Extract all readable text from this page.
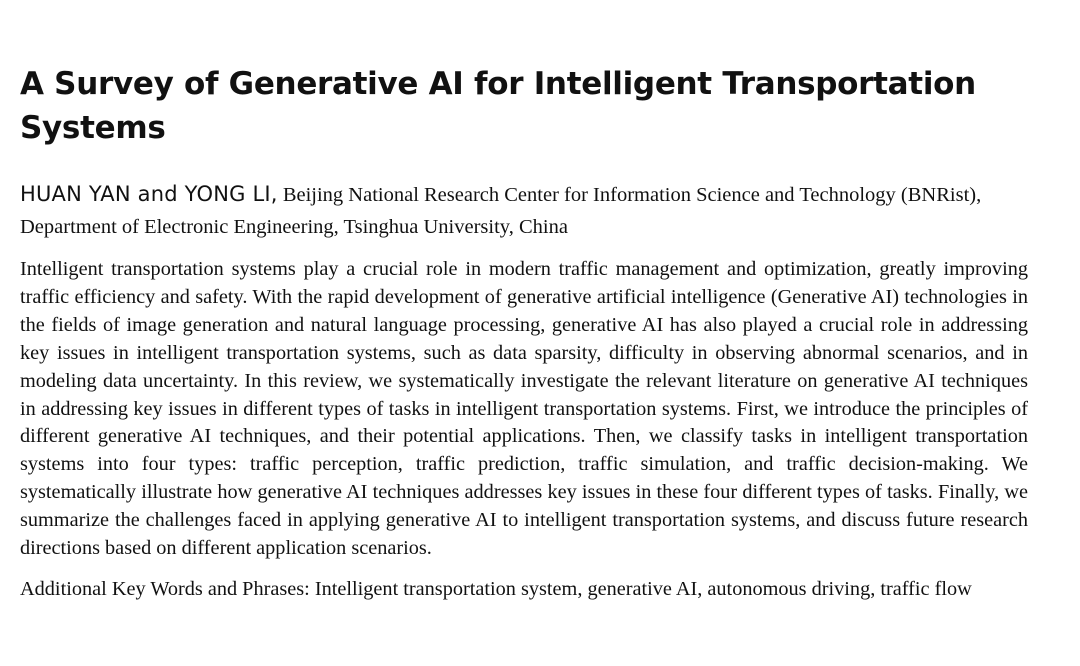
A Survey of Generative AI for Intelligent Transportation Systems
HUAN YAN and YONG LI, Beijing National Research Center for Information Science and Technology (BNRist), Department of Electronic Engineering, Tsinghua University, China
Intelligent transportation systems play a crucial role in modern traffic management and optimization, greatly improving traffic efficiency and safety. With the rapid development of generative artificial intelligence (Generative AI) technologies in the fields of image generation and natural language processing, generative AI has also played a crucial role in addressing key issues in intelligent transportation systems, such as data sparsity, difficulty in observing abnormal scenarios, and in modeling data uncertainty. In this review, we systematically investigate the relevant literature on generative AI techniques in addressing key issues in different types of tasks in intelligent transportation systems. First, we introduce the principles of different generative AI techniques, and their potential applications. Then, we classify tasks in intelligent transportation systems into four types: traffic perception, traffic prediction, traffic simulation, and traffic decision-making. We systematically illustrate how generative AI techniques addresses key issues in these four different types of tasks. Finally, we summarize the challenges faced in applying generative AI to intelligent transportation systems, and discuss future research directions based on different application scenarios.
Additional Key Words and Phrases: Intelligent transportation system, generative AI, autonomous driving, traffic flow
